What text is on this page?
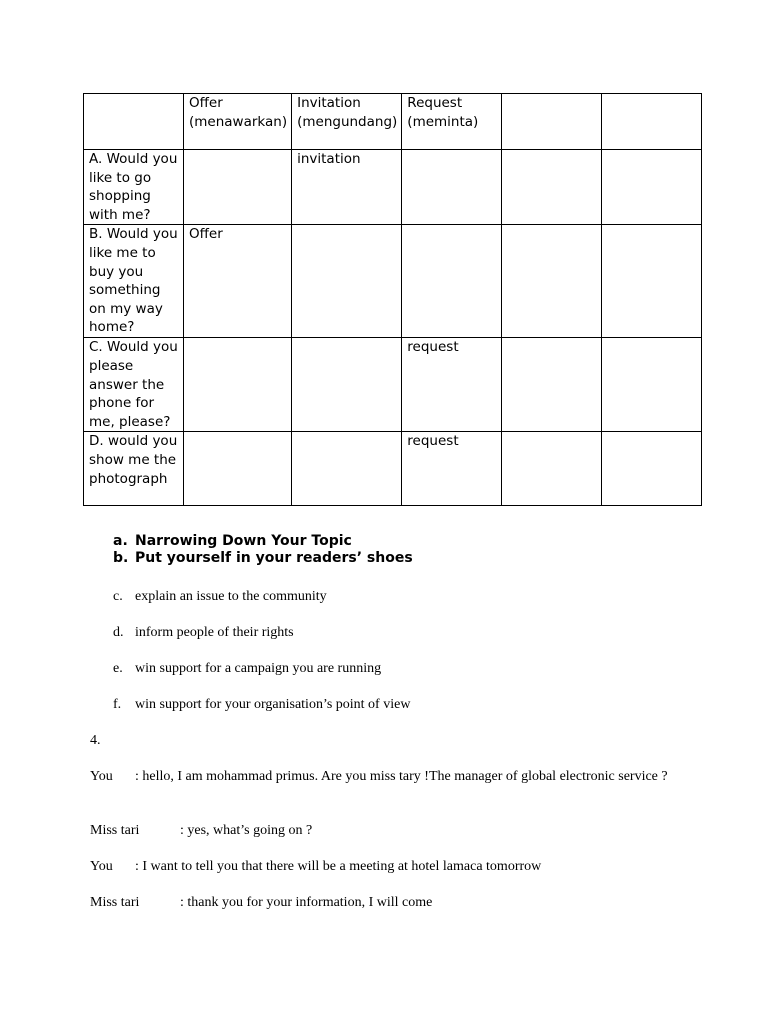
	Offer (menawarkan)	Invitation (mengundang)	Request (meminta)		
A. Would you like to go shopping with me?		invitation			
B. Would you like me to buy you something on my way home?	Offer				
C. Would you please answer the phone for me, please?			request		
D. would you show me the photograph			request		
a. Narrowing Down Your Topic
b. Put yourself in your readers’ shoes
c. explain an issue to the community
d. inform people of their rights
e. win support for a campaign you are running
f. win support for your organisation’s point of view
4.
You : hello, I am mohammad primus. Are you miss tary !The manager of global electronic service ?
Miss tari	: yes, what’s going on ?
You : I want to tell you that there will be a meeting at hotel lamaca tomorrow
Miss tari	: thank you for your information, I will come
